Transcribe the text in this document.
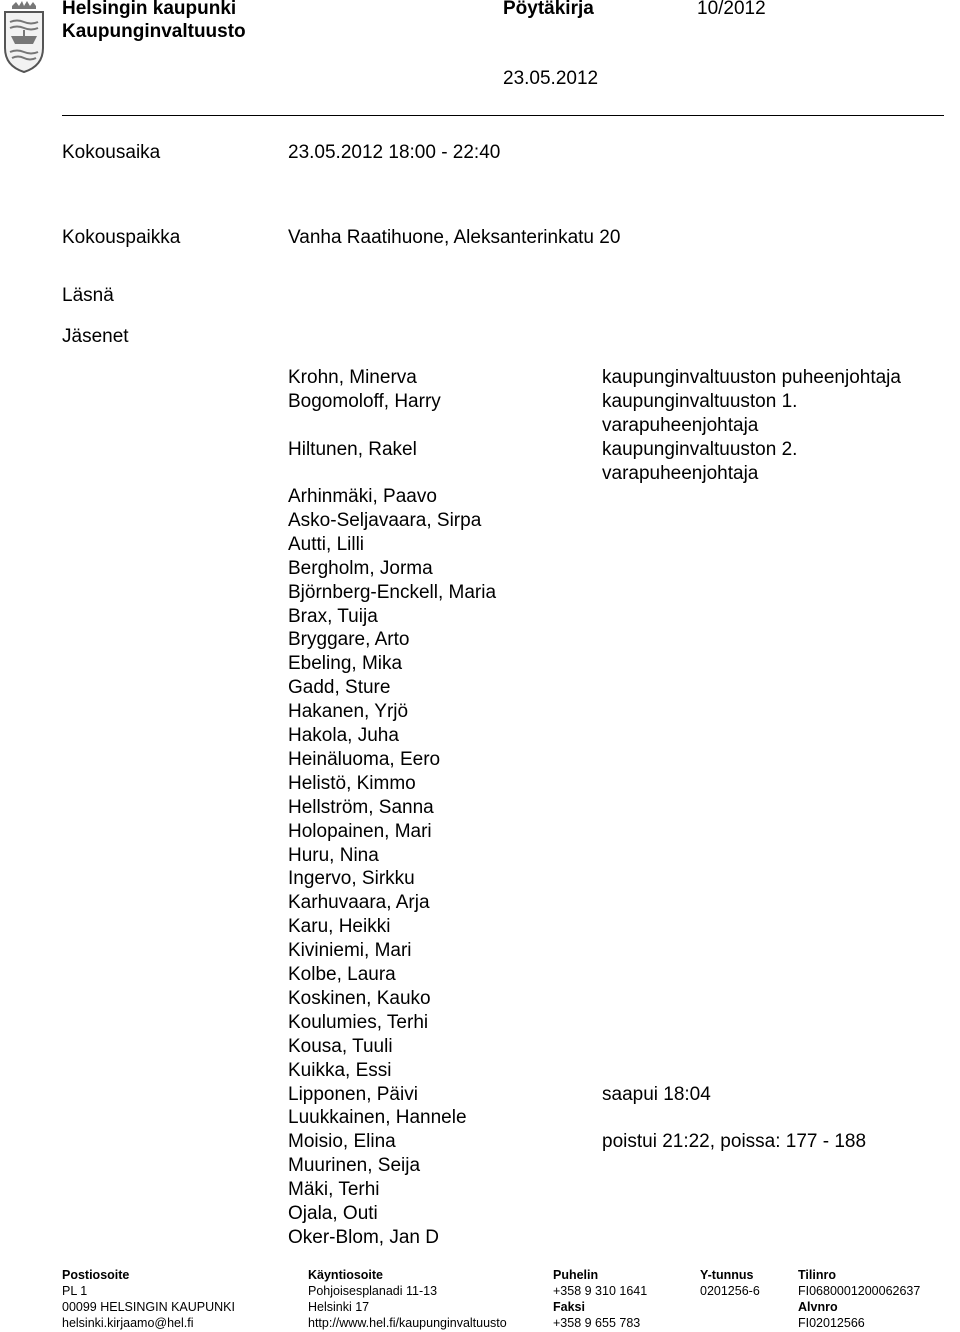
Helsingin kaupunki
Kaupunginvaltuusto
Pöytäkirja	10/2012
23.05.2012
Kokousaika	23.05.2012 18:00 - 22:40
Kokouspaikka	Vanha Raatihuone, Aleksanterinkatu 20
Läsnä
Jäsenet
Krohn, Minerva	kaupunginvaltuuston puheenjohtaja
Bogomoloff, Harry	kaupunginvaltuuston 1. varapuheenjohtaja
Hiltunen, Rakel	kaupunginvaltuuston 2. varapuheenjohtaja
Arhinmäki, Paavo
Asko-Seljavaara, Sirpa
Autti, Lilli
Bergholm, Jorma
Björnberg-Enckell, Maria
Brax, Tuija
Bryggare, Arto
Ebeling, Mika
Gadd, Sture
Hakanen, Yrjö
Hakola, Juha
Heinäluoma, Eero
Helistö, Kimmo
Hellström, Sanna
Holopainen, Mari
Huru, Nina
Ingervo, Sirkku
Karhuvaara, Arja
Karu, Heikki
Kiviniemi, Mari
Kolbe, Laura
Koskinen, Kauko
Koulumies, Terhi
Kousa, Tuuli
Kuikka, Essi
Lipponen, Päivi	saapui 18:04
Luukkainen, Hannele
Moisio, Elina	poistui 21:22, poissa: 177 - 188
Muurinen, Seija
Mäki, Terhi
Ojala, Outi
Oker-Blom, Jan D
Postiosoite
PL 1
00099 HELSINGIN KAUPUNKI
helsinki.kirjaamo@hel.fi
Käyntiosoite
Pohjoisesplanadi 11-13
Helsinki 17
http://www.hel.fi/kaupunginvaltuusto
Puhelin
+358 9 310 1641
Faksi
+358 9 655 783
Y-tunnus
0201256-6
Tilinro
FI0680001200062637
Alvnro
FI02012566
